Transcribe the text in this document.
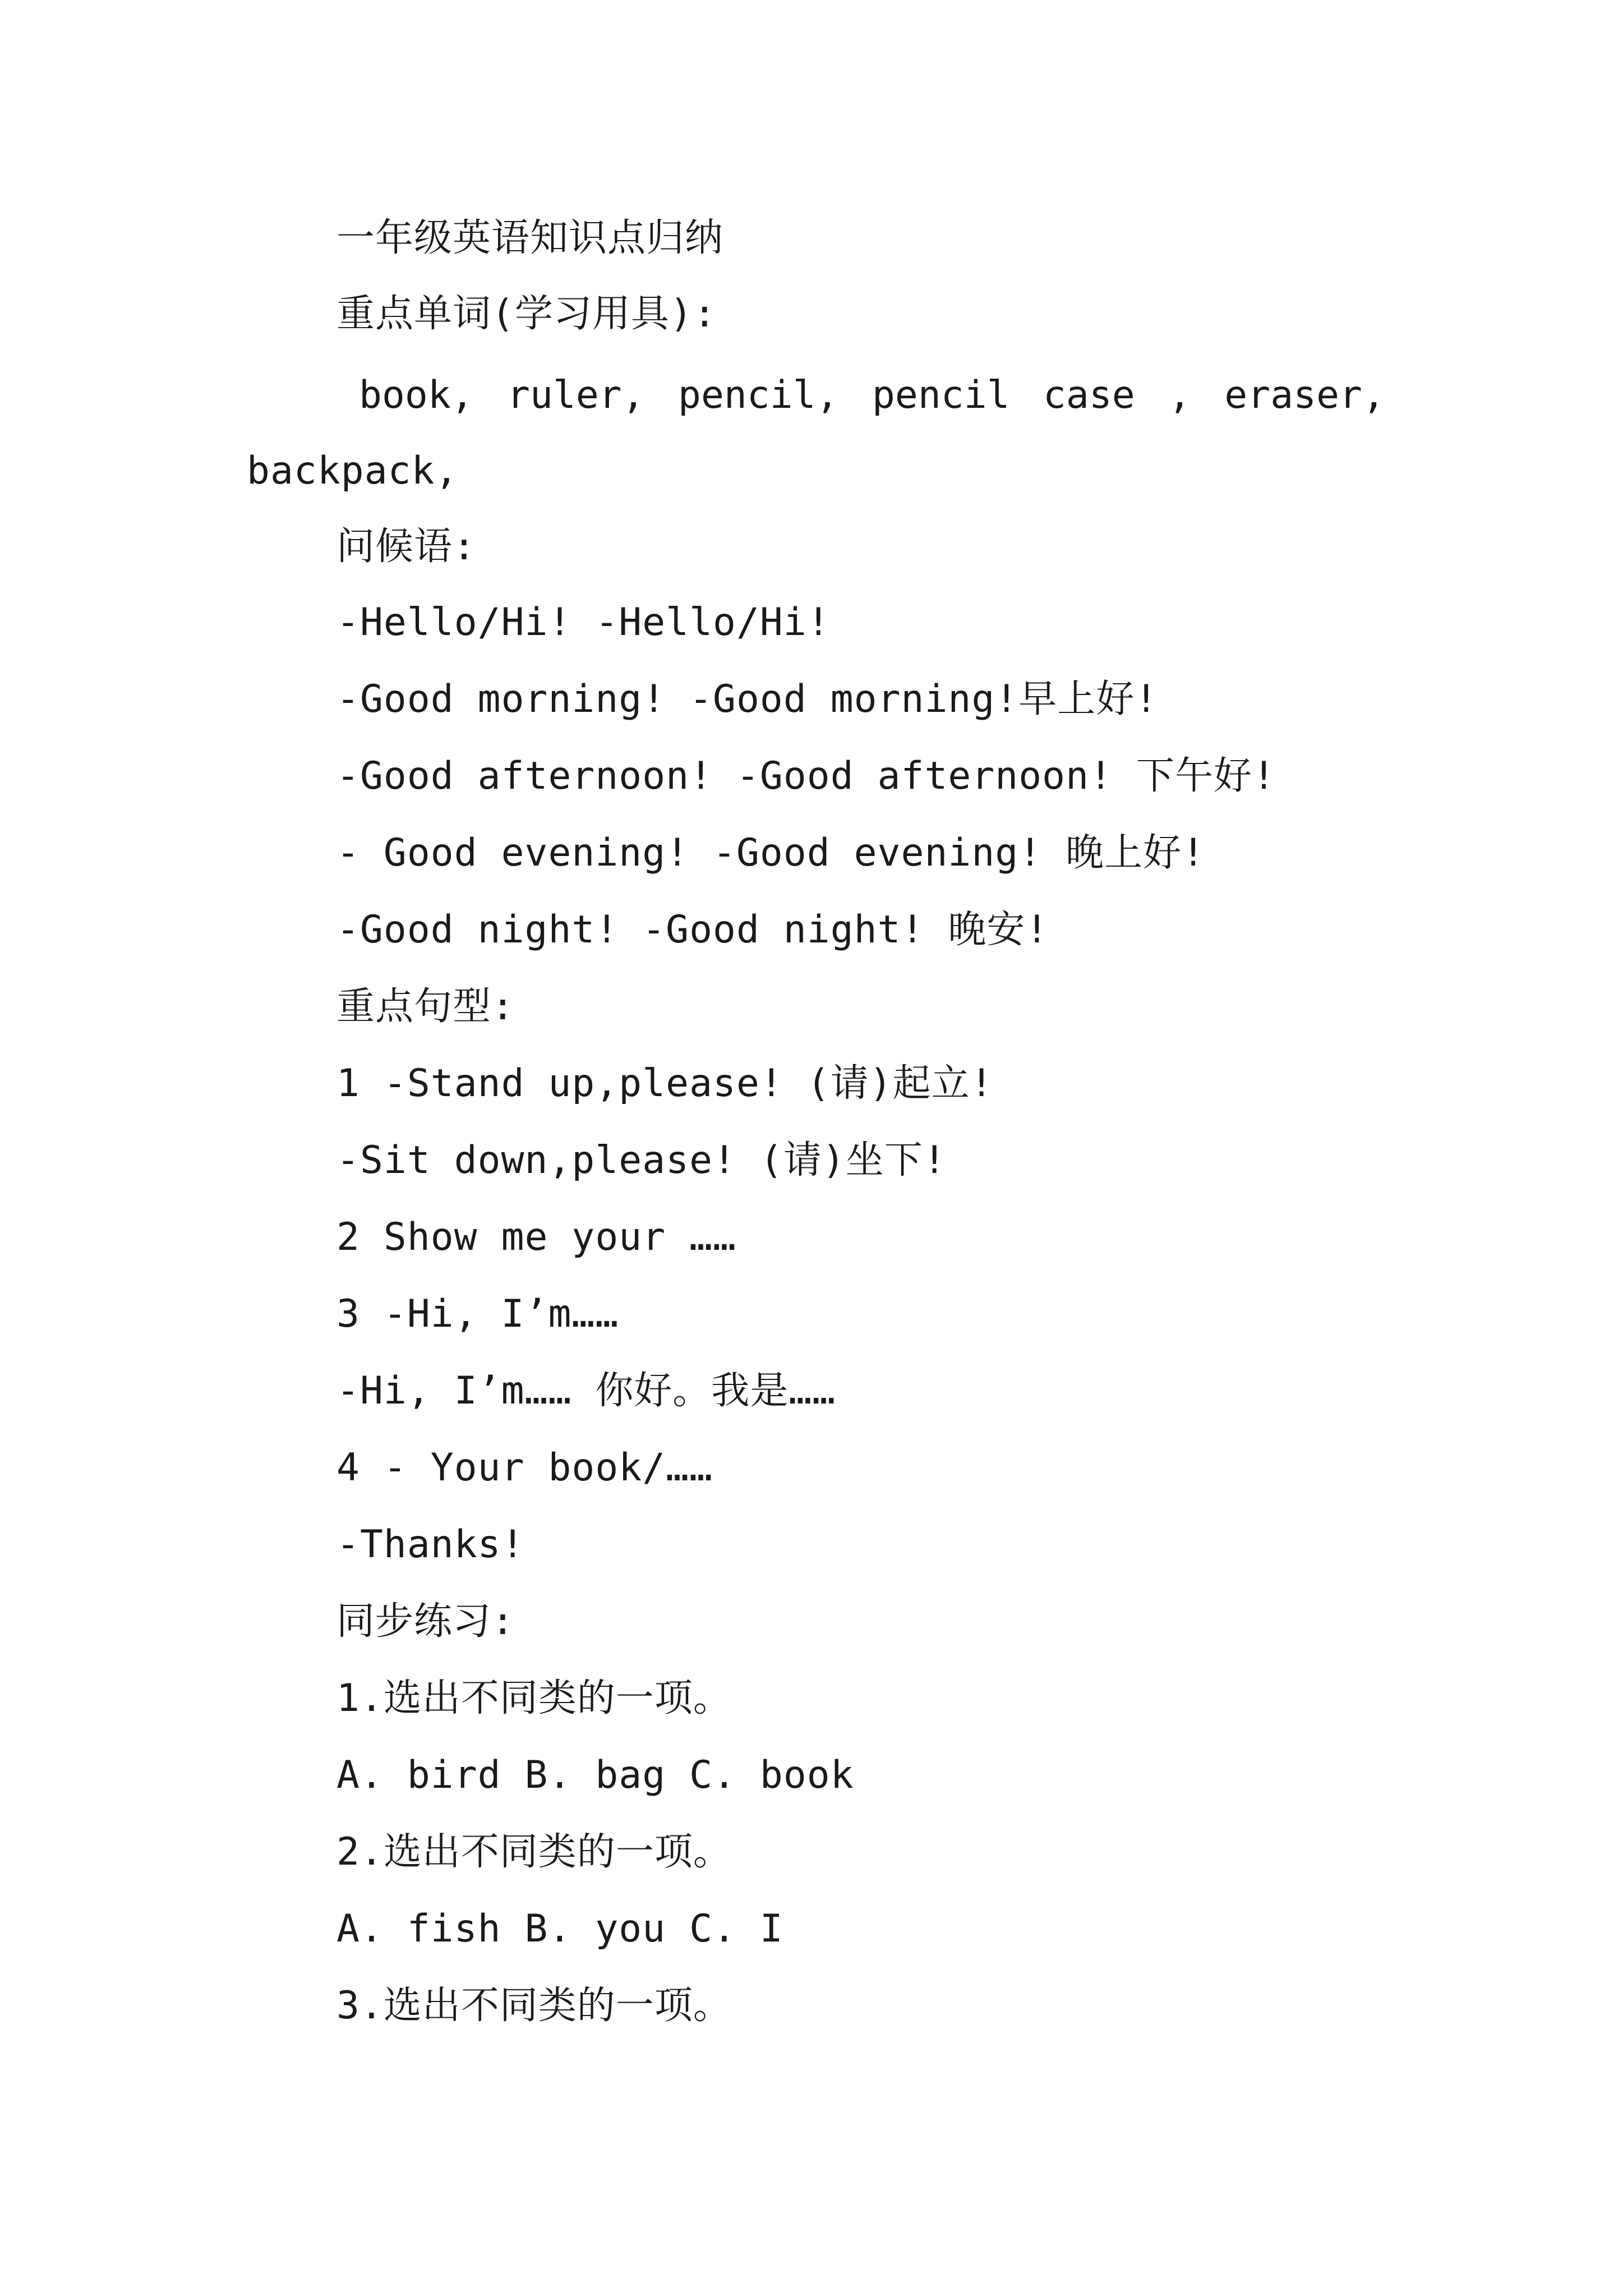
一年级英语知识点归纳
重点单词(学习用具):
book, ruler, pencil, pencil case , eraser,
backpack,
问候语:
-Hello/Hi! -Hello/Hi!
-Good morning! -Good morning!早上好!
-Good afternoon! -Good afternoon! 下午好!
- Good evening! -Good evening! 晚上好!
-Good night! -Good night! 晚安!
重点句型:
1 -Stand up,please! (请)起立!
-Sit down,please! (请)坐下!
2 Show me your ……
3 -Hi, I’m……
-Hi, I’m…… 你好。我是……
4 - Your book/……
-Thanks!
同步练习:
1.选出不同类的一项。
A. bird B. bag C. book
2.选出不同类的一项。
A. fish B. you C. I
3.选出不同类的一项。
